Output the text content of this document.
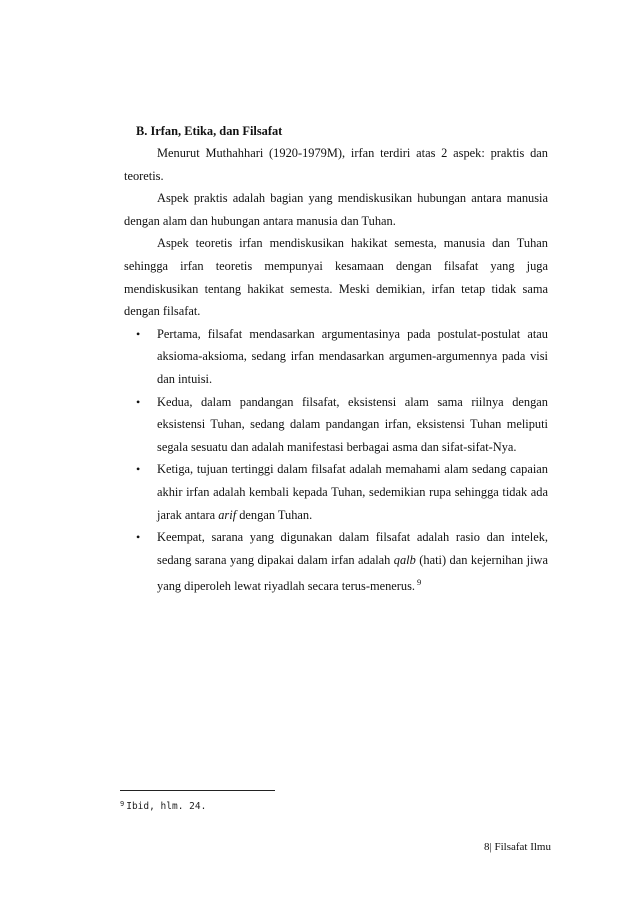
B. Irfan, Etika, dan Filsafat

Menurut Muthahhari (1920-1979M), irfan terdiri atas 2 aspek: praktis dan teoretis.

Aspek praktis adalah bagian yang mendiskusikan hubungan antara manusia dengan alam dan hubungan antara manusia dan Tuhan.

Aspek teoretis irfan mendiskusikan hakikat semesta, manusia dan Tuhan sehingga irfan teoretis mempunyai kesamaan dengan filsafat yang juga mendiskusikan tentang hakikat semesta. Meski demikian, irfan tetap tidak sama dengan filsafat.

• Pertama, filsafat mendasarkan argumentasinya pada postulat-postulat atau aksioma-aksioma, sedang irfan mendasarkan argumen-argumennya pada visi dan intuisi.
• Kedua, dalam pandangan filsafat, eksistensi alam sama riilnya dengan eksistensi Tuhan, sedang dalam pandangan irfan, eksistensi Tuhan meliputi segala sesuatu dan adalah manifestasi berbagai asma dan sifat-sifat-Nya.
• Ketiga, tujuan tertinggi dalam filsafat adalah memahami alam sedang capaian akhir irfan adalah kembali kepada Tuhan, sedemikian rupa sehingga tidak ada jarak antara arif dengan Tuhan.
• Keempat, sarana yang digunakan dalam filsafat adalah rasio dan intelek, sedang sarana yang dipakai dalam irfan adalah qalb (hati) dan kejernihan jiwa yang diperoleh lewat riyadlah secara terus-menerus. $^9$
$^9$ Ibid, hlm. 24.
8| Filsafat Ilmu
